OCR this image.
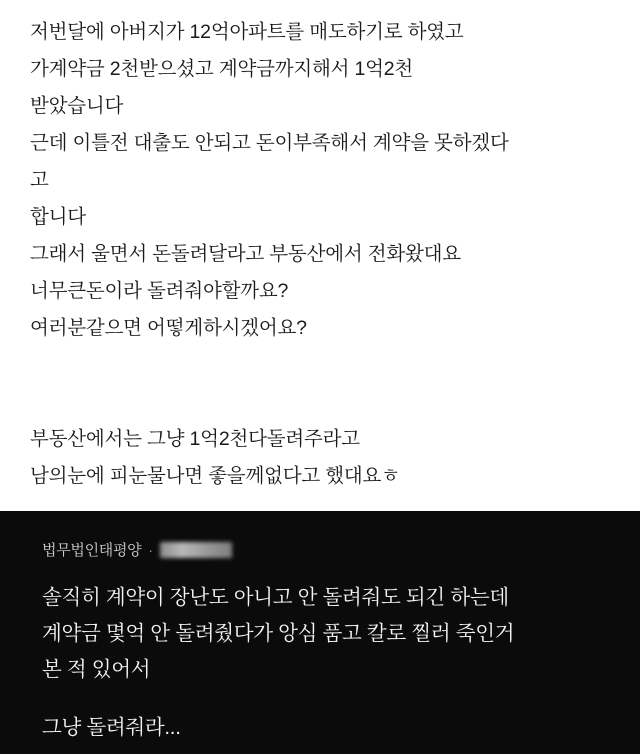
저번달에 아버지가 12억아파트를 매도하기로 하였고
가계약금 2천받으셨고 계약금까지해서 1억2천
받았습니다
근데 이틀전 대출도 안되고 돈이부족해서 계약을 못하겠다
고
합니다
그래서 울면서 돈돌려달라고 부동산에서 전화왔대요
너무큰돈이라 돌려줘야할까요?
여러분같으면 어떻게하시겠어요?
부동산에서는 그냥 1억2천다돌려주라고
남의눈에 피눈물나면 좋을께없다고 했대요ㅎ
법무법인태평양 ·
솔직히 계약이 장난도 아니고 안 돌려줘도 되긴 하는데
계약금 몇억 안 돌려줬다가 앙심 품고 칼로 찔러 죽인거
본 적 있어서
그냥 돌려줘라...
